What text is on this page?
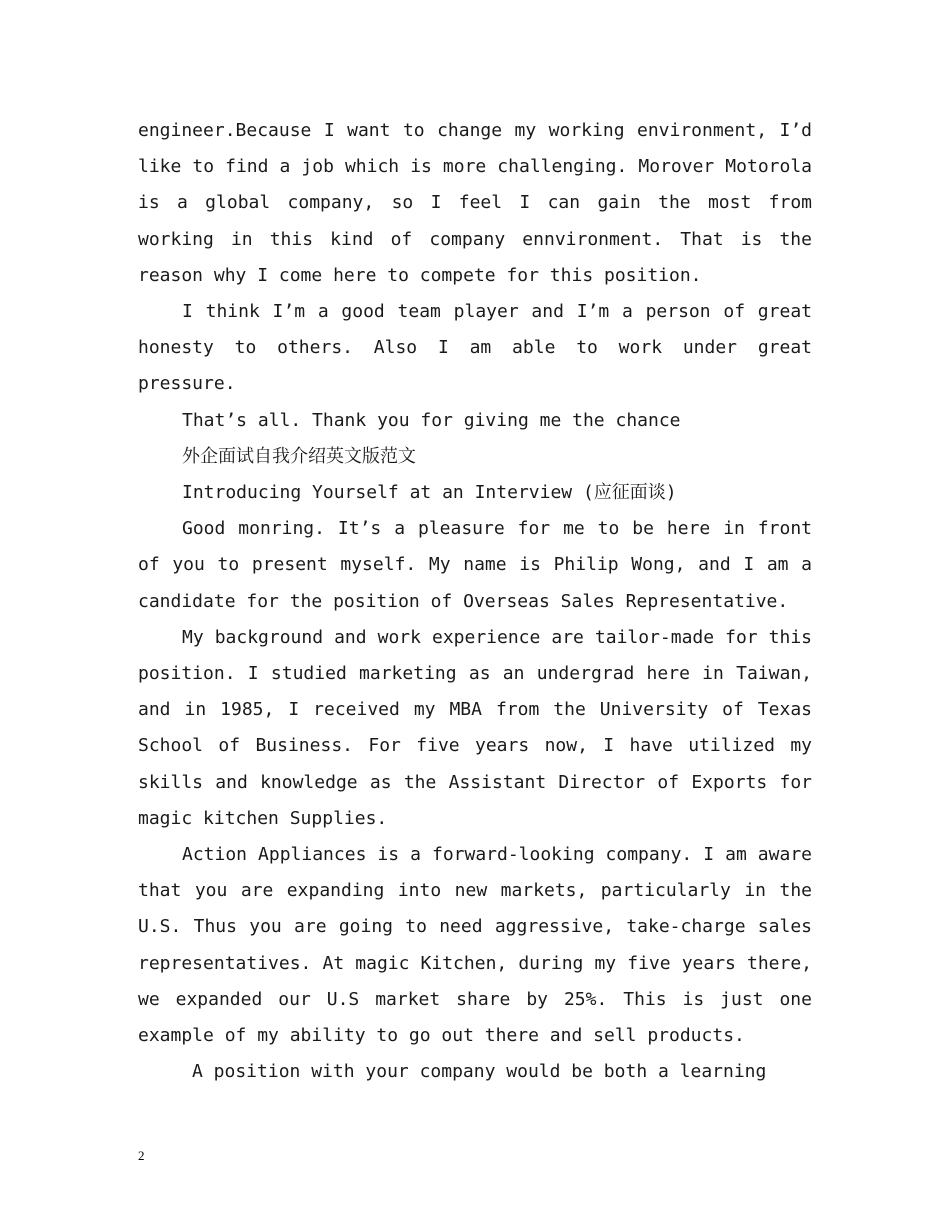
engineer.Because I want to change my working environment, I’d like to find a job which is more challenging. Morover Motorola is a global company, so I feel I can gain the most from working in this kind of company ennvironment. That is the reason why I come here to compete for this position.

I think I’m a good team player and I’m a person of great honesty to others. Also I am able to work under great pressure.

That’s all. Thank you for giving me the chance

外企面试自我介绍英文版范文

Introducing Yourself at an Interview (应征面谈)

Good monring. It’s a pleasure for me to be here in front of you to present myself. My name is Philip Wong, and I am a candidate for the position of Overseas Sales Representative.

My background and work experience are tailor-made for this position. I studied marketing as an undergrad here in Taiwan, and in 1985, I received my MBA from the University of Texas School of Business. For five years now, I have utilized my skills and knowledge as the Assistant Director of Exports for magic kitchen Supplies.

Action Appliances is a forward-looking company. I am aware that you are expanding into new markets, particularly in the U.S. Thus you are going to need aggressive, take-charge sales representatives. At magic Kitchen, during my five years there, we expanded our U.S market share by 25%. This is just one example of my ability to go out there and sell products.

A position with your company would be both a learning

2
